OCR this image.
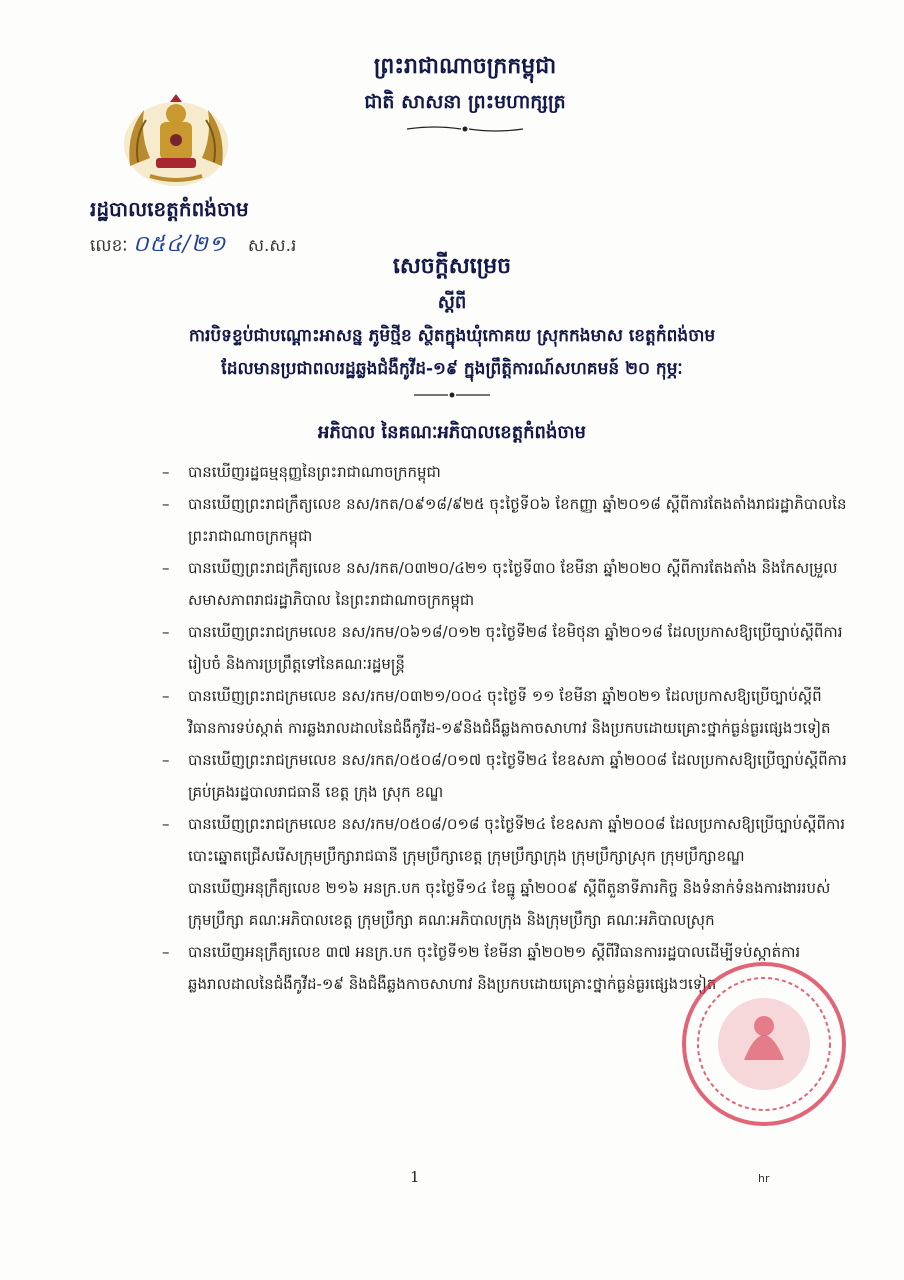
ព្រះរាជាណាចក្រកម្ពុជា
ជាតិ សាសនា ព្រះមហាក្សត្រ
រដ្ឋបាលខេត្តកំពង់ចាម
លេខៈ ០៥៤/២១ ស.ស.រ
សេចក្តីសម្រេច
ស្តីពី
ការបិទខ្ទប់ជាបណ្តោះអាសន្ន ភូមិថ្មីខ ស្ថិតក្នុងឃុំកោគយ ស្រុកកងមាស ខេត្តកំពង់ចាម
ដែលមានប្រជាពលរដ្ឋឆ្លងជំងឺកូវីដ-១៩ ក្នុងព្រឹត្តិការណ៍សហគមន៍ ២០ កុម្ភៈ
អភិបាល នៃគណៈអភិបាលខេត្តកំពង់ចាម
– បានឃើញរដ្ឋធម្មនុញ្ញនៃព្រះរាជាណាចក្រកម្ពុជា
– បានឃើញព្រះរាជក្រឹត្យលេខ នស/រកត/០៩១៨/៩២៥ ចុះថ្ងៃទី០៦ ខែកញ្ញា ឆ្នាំ២០១៨ ស្តីពីការតែងតាំងរាជរដ្ឋាភិបាលនៃព្រះរាជាណាចក្រកម្ពុជា
– បានឃើញព្រះរាជក្រឹត្យលេខ នស/រកត/០៣២០/៤២១ ចុះថ្ងៃទី៣០ ខែមីនា ឆ្នាំ២០២០ ស្តីពីការតែងតាំង និងកែសម្រួលសមាសភាពរាជរដ្ឋាភិបាល នៃព្រះរាជាណាចក្រកម្ពុជា
– បានឃើញព្រះរាជក្រមលេខ នស/រកម/០៦១៨/០១២ ចុះថ្ងៃទី២៨ ខែមិថុនា ឆ្នាំ២០១៨ ដែលប្រកាសឱ្យប្រើច្បាប់ស្តីពីការរៀបចំ និងការប្រព្រឹត្តទៅនៃគណៈរដ្ឋមន្ត្រី
– បានឃើញព្រះរាជក្រមលេខ នស/រកម/០៣២១/០០៤ ចុះថ្ងៃទី ១១ ខែមីនា ឆ្នាំ២០២១ ដែលប្រកាសឱ្យប្រើច្បាប់ស្តីពីវិធានការទប់ស្កាត់ ការឆ្លងរាលដាលនៃជំងឺកូវីដ-១៩និងជំងឺឆ្លងកាចសាហាវ និងប្រកបដោយគ្រោះថ្នាក់ធ្ងន់ធ្ងរផ្សេងៗទៀត
– បានឃើញព្រះរាជក្រមលេខ នស/រកត/០៥០៨/០១៧ ចុះថ្ងៃទី២៤ ខែឧសភា ឆ្នាំ២០០៨ ដែលប្រកាសឱ្យប្រើច្បាប់ស្តីពីការគ្រប់គ្រងរដ្ឋបាលរាជធានី ខេត្ត ក្រុង ស្រុក ខណ្ឌ
– បានឃើញព្រះរាជក្រមលេខ នស/រកម/០៥០៨/០១៨ ចុះថ្ងៃទី២៤ ខែឧសភា ឆ្នាំ២០០៨ ដែលប្រកាសឱ្យប្រើច្បាប់ស្តីពីការបោះឆ្នោតជ្រើសរើសក្រុមប្រឹក្សារាជធានី ក្រុមប្រឹក្សាខេត្ត ក្រុមប្រឹក្សាក្រុង ក្រុមប្រឹក្សាស្រុក ក្រុមប្រឹក្សាខណ្ឌ
បានឃើញអនុក្រឹត្យលេខ ២១៦ អនក្រ.បក ចុះថ្ងៃទី១៤ ខែធ្នូ ឆ្នាំ២០០៩ ស្តីពីតួនាទីភារកិច្ច និងទំនាក់ទំនងការងាររបស់ក្រុមប្រឹក្សា គណៈអភិបាលខេត្ត ក្រុមប្រឹក្សា គណៈអភិបាលក្រុង និងក្រុមប្រឹក្សា គណៈអភិបាលស្រុក
– បានឃើញអនុក្រឹត្យលេខ ៣៧ អនក្រ.បក ចុះថ្ងៃទី១២ ខែមីនា ឆ្នាំ២០២១ ស្តីពីវិធានការរដ្ឋបាលដើម្បីទប់ស្កាត់ការឆ្លងរាលដាលនៃជំងឺកូវីដ-១៩ និងជំងឺឆ្លងកាចសាហាវ និងប្រកបដោយគ្រោះថ្នាក់ធ្ងន់ធ្ងរផ្សេងៗទៀត
1	hr
